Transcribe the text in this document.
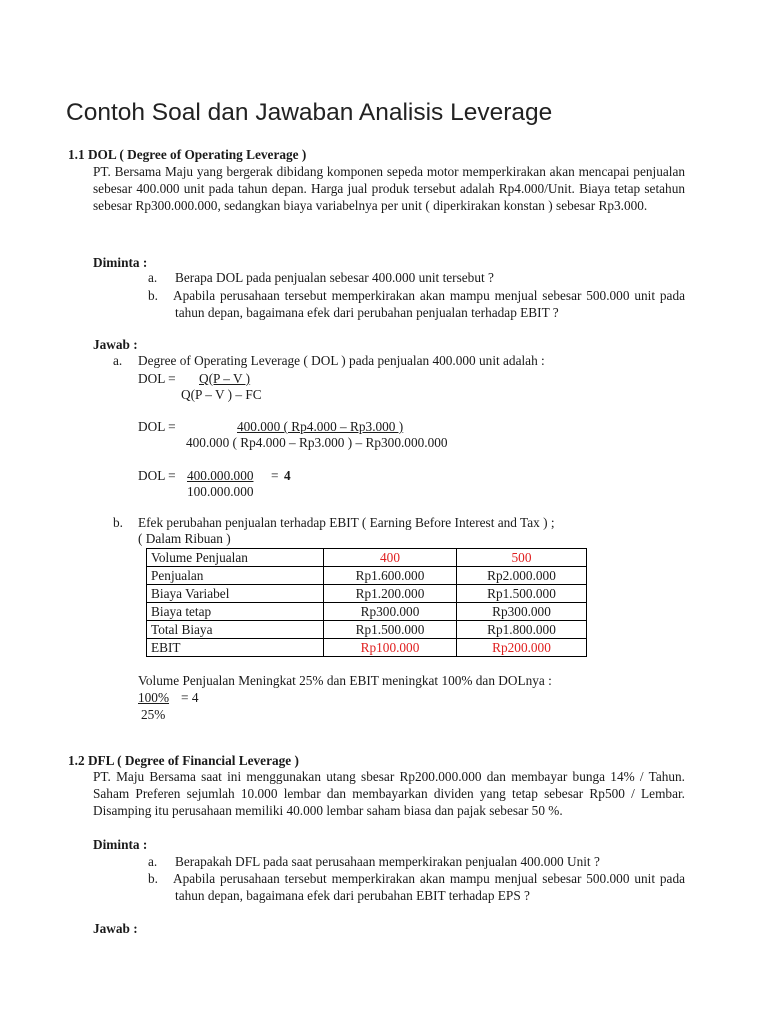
Contoh Soal dan Jawaban Analisis Leverage
1.1 DOL ( Degree of Operating Leverage )
PT. Bersama Maju yang bergerak dibidang komponen sepeda motor memperkirakan akan mencapai penjualan sebesar 400.000 unit pada tahun depan. Harga jual produk tersebut adalah Rp4.000/Unit. Biaya tetap setahun sebesar Rp300.000.000, sedangkan biaya variabelnya per unit ( diperkirakan konstan ) sebesar Rp3.000.
Diminta :
a. Berapa DOL pada penjualan sebesar 400.000 unit tersebut ?
b. Apabila perusahaan tersebut memperkirakan akan mampu menjual sebesar 500.000 unit pada tahun depan, bagaimana efek dari perubahan penjualan terhadap EBIT ?
Jawab :
a. Degree of Operating Leverage ( DOL ) pada penjualan 400.000 unit adalah :
DOL = Q(P – V )
Q(P – V ) – FC
DOL =	400.000 ( Rp4.000 – Rp3.000 )
400.000 ( Rp4.000 – Rp3.000 ) – Rp300.000.000
DOL = 400.000.000 = 4
100.000.000
b. Efek perubahan penjualan terhadap EBIT ( Earning Before Interest and Tax ) ;
( Dalam Ribuan )
Volume Penjualan	400	500
Penjualan	Rp1.600.000	Rp2.000.000
Biaya Variabel	Rp1.200.000	Rp1.500.000
Biaya tetap	Rp300.000	Rp300.000
Total Biaya	Rp1.500.000	Rp1.800.000
EBIT	Rp100.000	Rp200.000
Volume Penjualan Meningkat 25% dan EBIT meningkat 100% dan DOLnya :
100% = 4
25%
1.2 DFL ( Degree of Financial Leverage )
PT. Maju Bersama saat ini menggunakan utang sbesar Rp200.000.000 dan membayar bunga 14% / Tahun. Saham Preferen sejumlah 10.000 lembar dan membayarkan dividen yang tetap sebesar Rp500 / Lembar. Disamping itu perusahaan memiliki 40.000 lembar saham biasa dan pajak sebesar 50 %.
Diminta :
a. Berapakah DFL pada saat perusahaan memperkirakan penjualan 400.000 Unit ?
b. Apabila perusahaan tersebut memperkirakan akan mampu menjual sebesar 500.000 unit pada tahun depan, bagaimana efek dari perubahan EBIT terhadap EPS ?
Jawab :
